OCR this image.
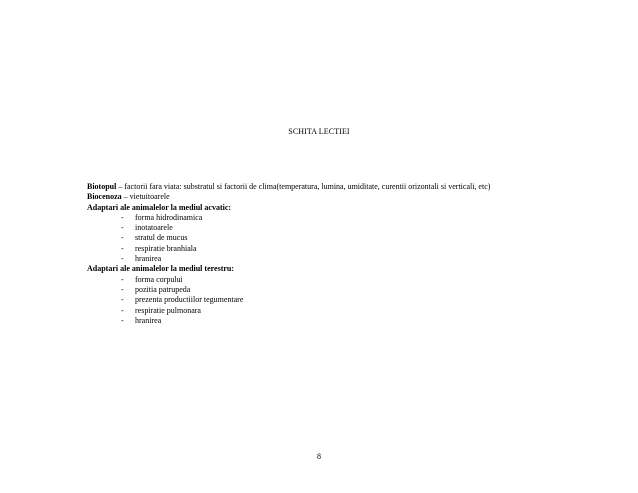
SCHITA LECTIEI
Biotopul – factorii fara viata: substratul si factorii de clima(temperatura, lumina, umiditate, curentii orizontali si verticali, etc)
Biocenoza – vietuitoarele
Adaptari ale animalelor la mediul acvatic:
- forma hidrodinamica
- inotatoarele
- stratul de mucus
- respiratie branhiala
- hranirea
Adaptari ale animalelor la mediul terestru:
- forma corpului
- pozitia patrupeda
- prezenta productiilor tegumentare
- respiratie pulmonara
- hranirea
8
